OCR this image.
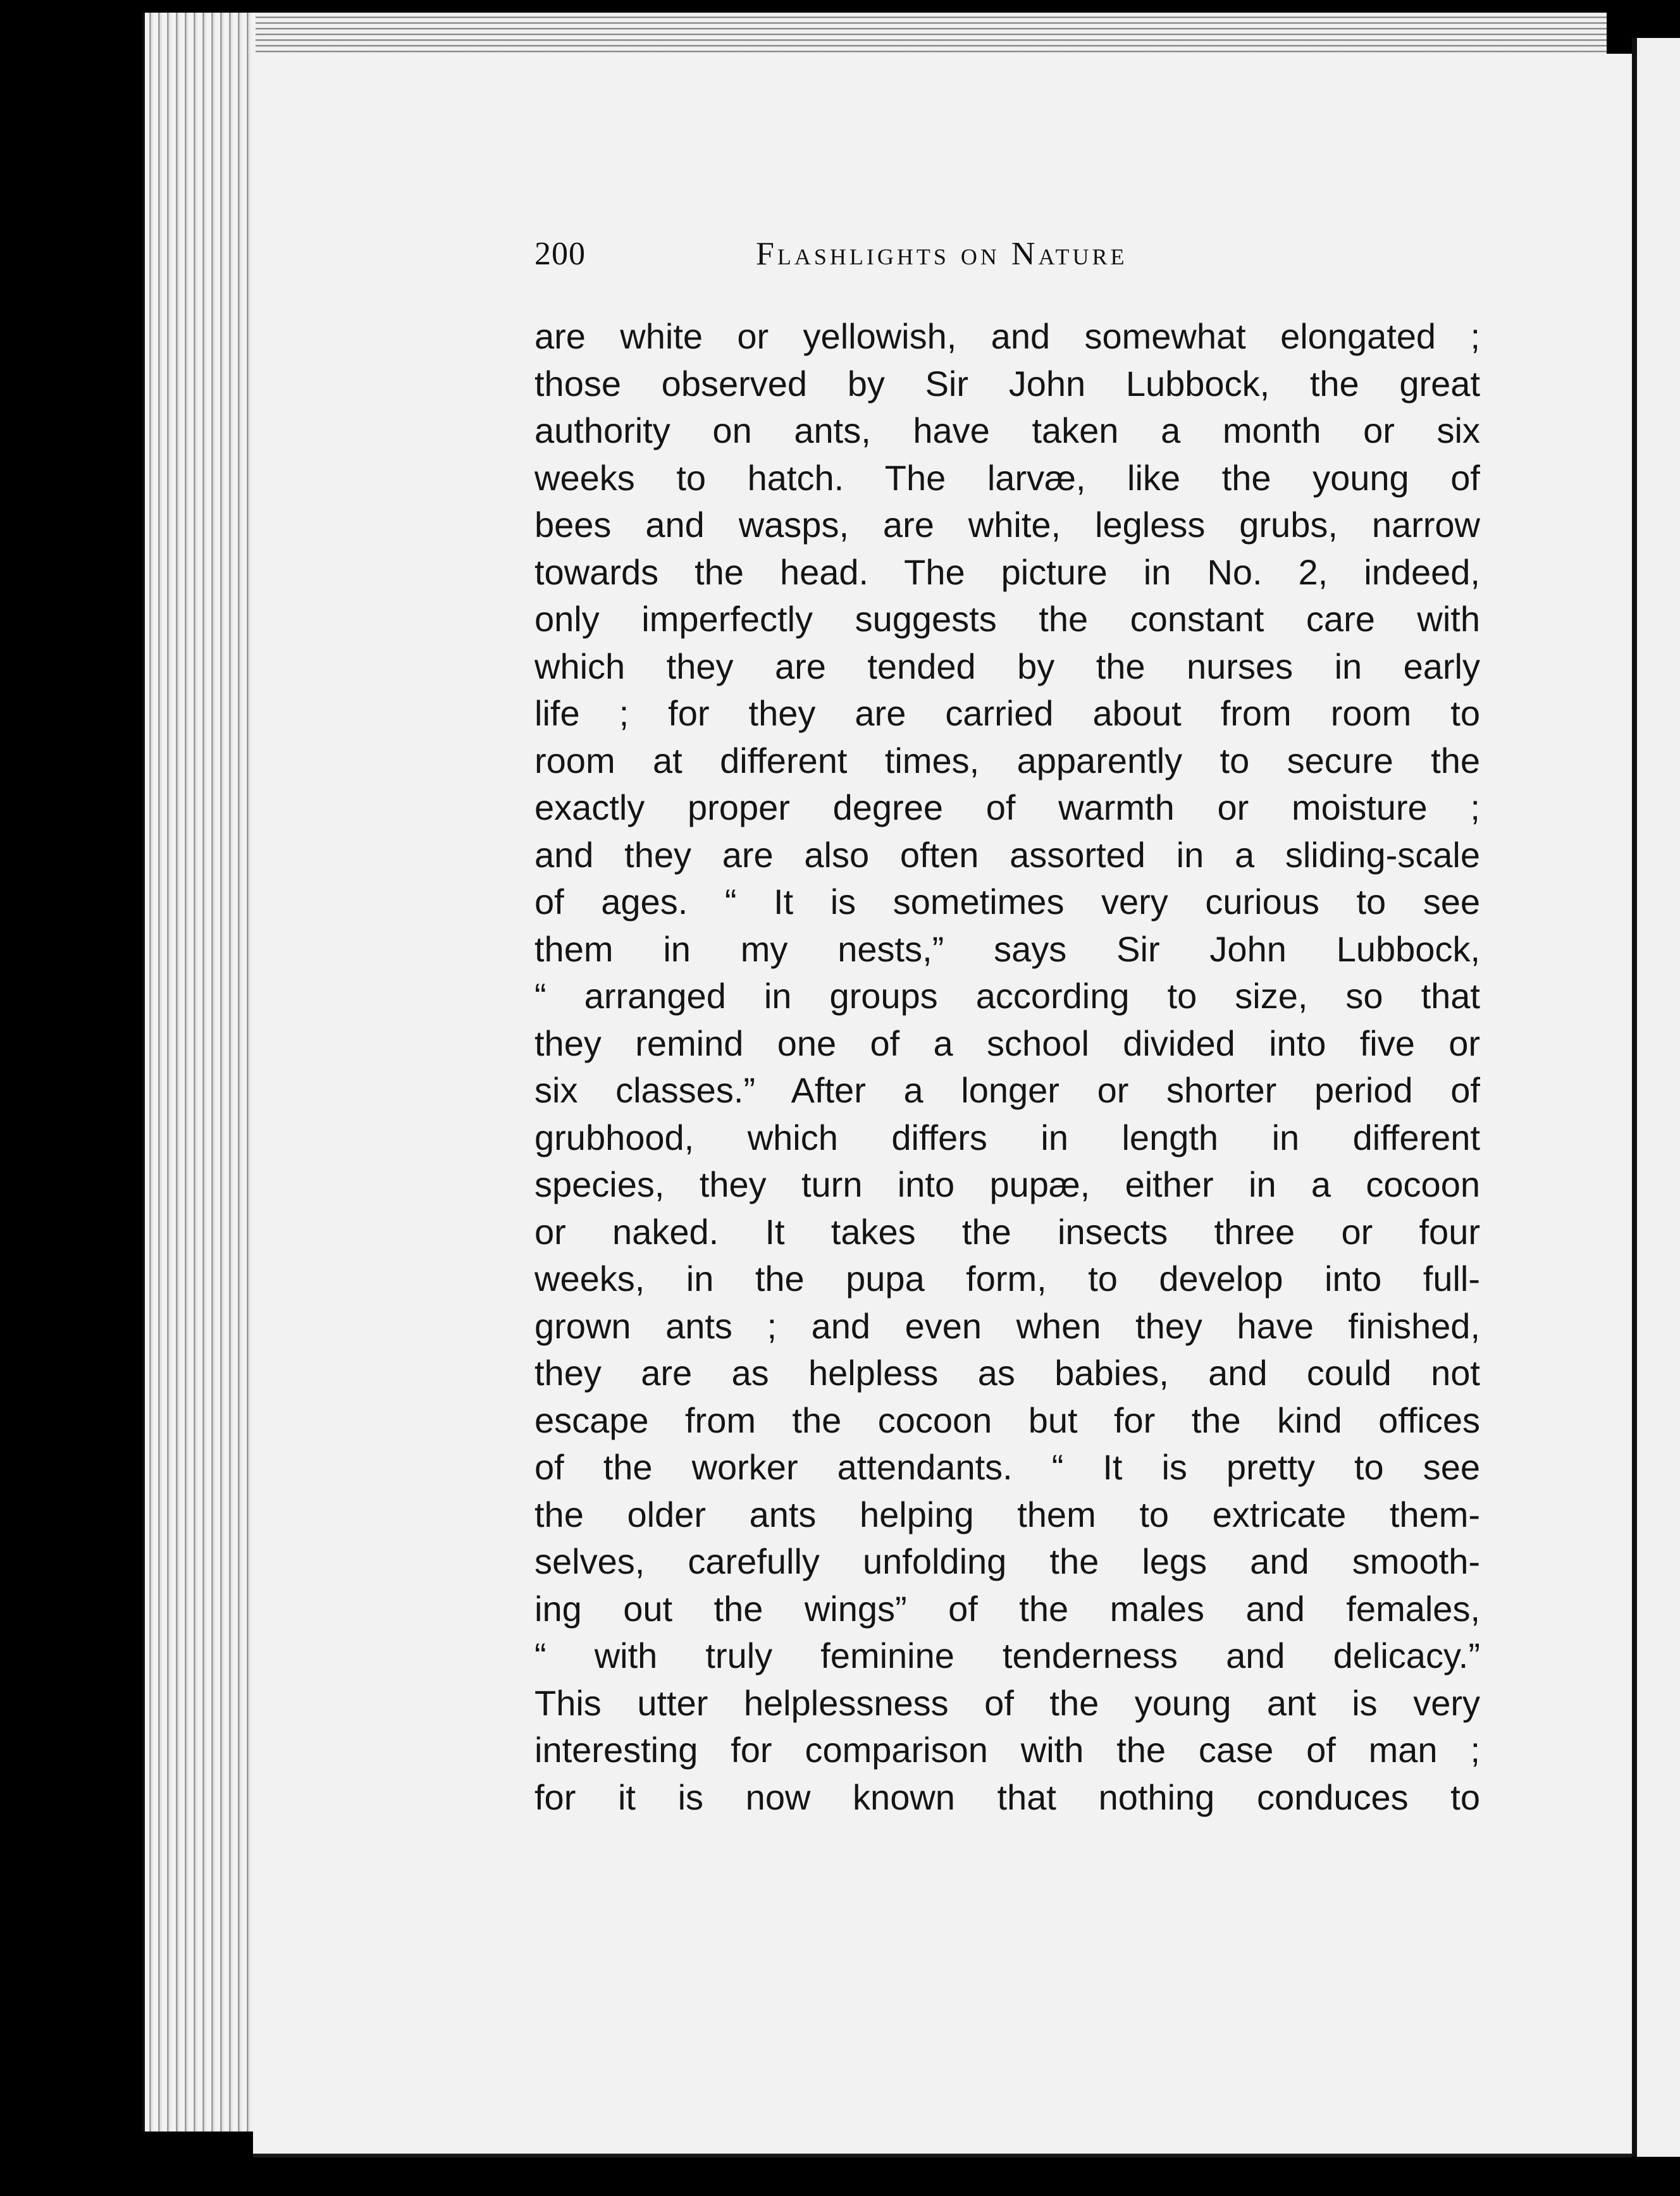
200	Flashlights on Nature
are white or yellowish, and somewhat elongated ;
those observed by Sir John Lubbock, the great
authority on ants, have taken a month or six
weeks to hatch. The larvæ, like the young of
bees and wasps, are white, legless grubs, narrow
towards the head. The picture in No. 2, indeed,
only imperfectly suggests the constant care with
which they are tended by the nurses in early
life ; for they are carried about from room to
room at different times, apparently to secure the
exactly proper degree of warmth or moisture ;
and they are also often assorted in a sliding-scale
of ages. “ It is sometimes very curious to see
them in my nests,” says Sir John Lubbock,
“ arranged in groups according to size, so that
they remind one of a school divided into five or
six classes.” After a longer or shorter period of
grubhood, which differs in length in different
species, they turn into pupæ, either in a cocoon
or naked. It takes the insects three or four
weeks, in the pupa form, to develop into full-
grown ants ; and even when they have finished,
they are as helpless as babies, and could not
escape from the cocoon but for the kind offices
of the worker attendants. “ It is pretty to see
the older ants helping them to extricate them-
selves, carefully unfolding the legs and smooth-
ing out the wings” of the males and females,
“ with truly feminine tenderness and delicacy.”
This utter helplessness of the young ant is very
interesting for comparison with the case of man ;
for it is now known that nothing conduces to
